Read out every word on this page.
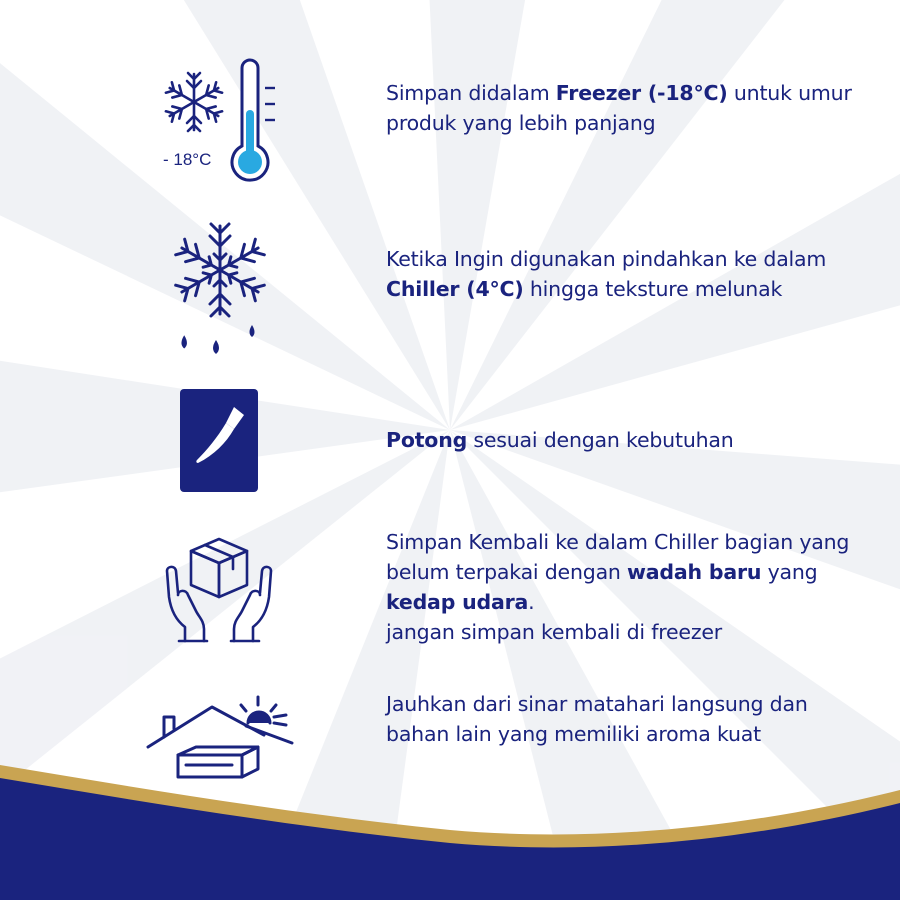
- 18°C
Simpan didalam Freezer (-18°C) untuk umur produk yang lebih panjang
Ketika Ingin digunakan pindahkan ke dalam Chiller (4°C) hingga teksture melunak
Potong sesuai dengan kebutuhan
Simpan Kembali ke dalam Chiller bagian yang belum terpakai dengan wadah baru yang kedap udara.
jangan simpan kembali di freezer
Jauhkan dari sinar matahari langsung dan bahan lain yang memiliki aroma kuat
